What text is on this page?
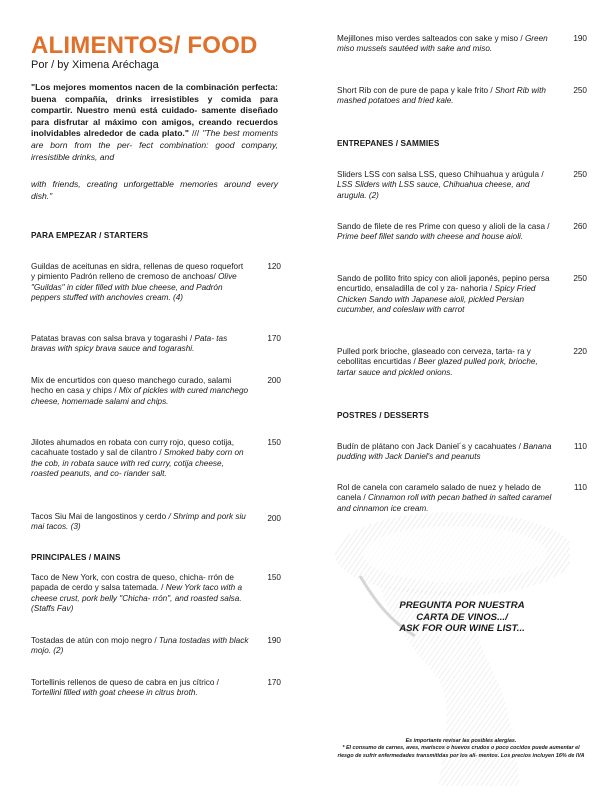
ALIMENTOS/ FOOD
Por / by Ximena Aréchaga
"Los mejores momentos nacen de la combinación perfecta: buena compañía, drinks irresistibles y comida para compartir. Nuestro menú está cuidado- samente diseñado para disfrutar al máximo con amigos, creando recuerdos inolvidables alrededor de cada plato." /// "The best moments are born from the per- fect combination: good company, irresistible drinks, and
with friends, creating unforgettable memories around every dish."
PARA EMPEZAR / STARTERS
Guildas de aceitunas en sidra, rellenas de queso roquefort y pimiento Padrón relleno de cremoso de anchoas/ Olive "Guildas" in cider filled with blue cheese, and Padrón peppers stuffed with anchovies cream. (4)
120
Patatas bravas con salsa brava y togarashi / Pata- tas bravas with spicy brava sauce and togarashi.
170
Mix de encurtidos con queso manchego curado, salami hecho en casa y chips / Mix of pickles with cured manchego cheese, homemade salami and chips.
200
Jilotes ahumados en robata con curry rojo, queso cotija, cacahuate tostado y sal de cilantro / Smoked baby corn on the cob, in robata sauce with red curry, cotija cheese, roasted peanuts, and co- riander salt.
150
Tacos Siu Mai de langostinos y cerdo / Shrimp and pork siu mai tacos. (3)
200
PRINCIPALES / MAINS
Taco de New York, con costra de queso, chicha- rrón de papada de cerdo y salsa tatemada. / New York taco with a cheese crust, pork belly "Chicha- rrón", and roasted salsa. (Staffs Fav)
150
Tostadas de atún con mojo negro / Tuna tostadas with black mojo. (2)
190
Tortellinis rellenos de queso de cabra en jus cítrico / Tortellini filled with goat cheese in citrus broth.
170
Mejillones miso verdes salteados con sake y miso / Green miso mussels sautéed with sake and miso.
190
Short Rib con de pure de papa y kale frito / Short Rib with mashed potatoes and fried kale.
250
ENTREPANES / SAMMIES
Sliders LSS con salsa LSS, queso Chihuahua y arúgula / LSS Sliders with LSS sauce, Chihuahua cheese, and arugula. (2)
250
Sando de filete de res Prime con queso y alioli de la casa / Prime beef fillet sando with cheese and house aioli.
260
Sando de pollito frito spicy con alioli japonés, pepino persa encurtido, ensaladilla de col y za- nahoria / Spicy Fried Chicken Sando with Japanese aioli, pickled Persian cucumber, and coleslaw with carrot
250
Pulled pork brioche, glaseado con cerveza, tarta- ra y cebollitas encurtidas / Beer glazed pulled pork, brioche, tartar sauce and pickled onions.
220
POSTRES / DESSERTS
Budín de plátano con Jack Daniel´s y cacahuates / Banana pudding with Jack Daniel's and peanuts
110
Rol de canela con caramelo salado de nuez y helado de canela / Cinnamon roll with pecan bathed in salted caramel and cinnamon ice cream.
110
PREGUNTA POR NUESTRA
CARTA DE VINOS.../
ASK FOR OUR WINE LIST...
Es importante revisar las posibles alergias.
* El consumo de carnes, aves, mariscos o huevos crudos o poco cocidos puede aumentar el riesgo de sufrir enfermedades transmitidas por los ali- mentos. Los precios incluyen 16% de IVA
